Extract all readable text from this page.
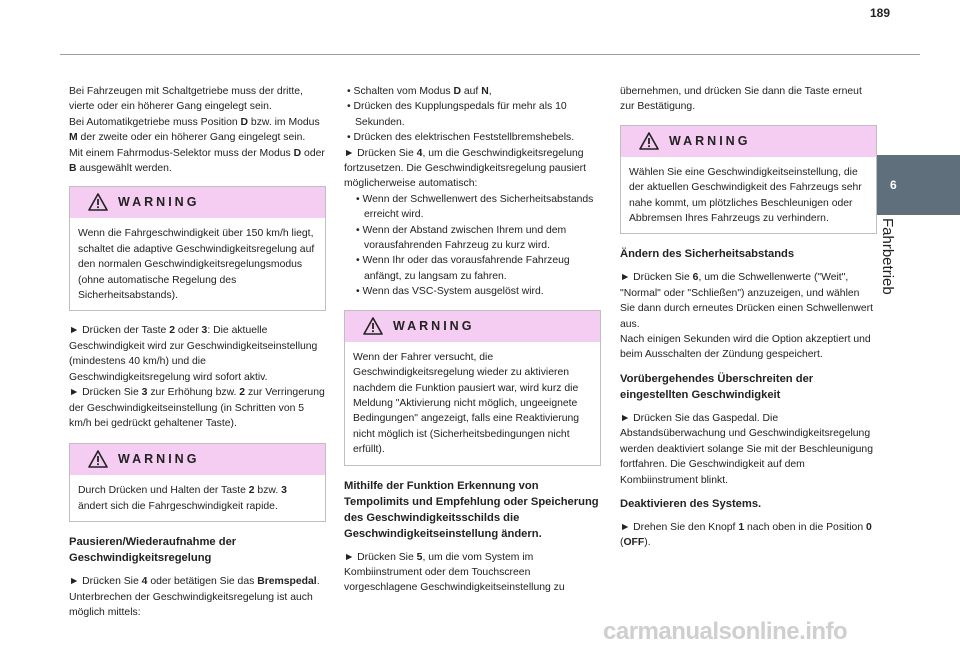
189
6
Fahrbetrieb

Bei Fahrzeugen mit Schaltgetriebe muss der dritte, vierte oder ein höherer Gang eingelegt sein.

Bei Automatikgetriebe muss Position D bzw. im Modus M der zweite oder ein höherer Gang eingelegt sein.

Mit einem Fahrmodus-Selektor muss der Modus D oder B ausgewählt werden.

WARNING
Wenn die Fahrgeschwindigkeit über 150 km/h liegt, schaltet die adaptive Geschwindigkeitsregelung auf den normalen Geschwindigkeitsregelungsmodus (ohne automatische Regelung des Sicherheitsabstands).

► Drücken der Taste 2 oder 3: Die aktuelle Geschwindigkeit wird zur Geschwindigkeitseinstellung (mindestens 40 km/h) und die Geschwindigkeitsregelung wird sofort aktiv.

► Drücken Sie 3 zur Erhöhung bzw. 2 zur Verringerung der Geschwindigkeitseinstellung (in Schritten von 5 km/h bei gedrückt gehaltener Taste).

WARNING
Durch Drücken und Halten der Taste 2 bzw. 3 ändert sich die Fahrgeschwindigkeit rapide.
Pausieren/Wiederaufnahme der Geschwindigkeitsregelung

► Drücken Sie 4 oder betätigen Sie das Bremspedal. Unterbrechen der Geschwindigkeitsregelung ist auch möglich mittels:

• Schalten vom Modus D auf N,

• Drücken des Kupplungspedals für mehr als 10 Sekunden.

• Drücken des elektrischen Feststellbremshebels.

► Drücken Sie 4, um die Geschwindigkeitsregelung fortzusetzen. Die Geschwindigkeitsregelung pausiert möglicherweise automatisch:

• Wenn der Schwellenwert des Sicherheitsabstands erreicht wird.

• Wenn der Abstand zwischen Ihrem und dem vorausfahrenden Fahrzeug zu kurz wird.

• Wenn Ihr oder das vorausfahrende Fahrzeug anfängt, zu langsam zu fahren.

• Wenn das VSC-System ausgelöst wird.

WARNING
Wenn der Fahrer versucht, die Geschwindigkeitsregelung wieder zu aktivieren nachdem die Funktion pausiert war, wird kurz die Meldung "Aktivierung nicht möglich, ungeeignete Bedingungen" angezeigt, falls eine Reaktivierung nicht möglich ist (Sicherheitsbedingungen nicht erfüllt).
Mithilfe der Funktion Erkennung von Tempolimits und Empfehlung oder Speicherung des Geschwindigkeitsschilds die Geschwindigkeitseinstellung ändern.

► Drücken Sie 5, um die vom System im Kombiinstrument oder dem Touchscreen vorgeschlagene Geschwindigkeitseinstellung zu

übernehmen, und drücken Sie dann die Taste erneut zur Bestätigung.

WARNING
Wählen Sie eine Geschwindigkeitseinstellung, die der aktuellen Geschwindigkeit des Fahrzeugs sehr nahe kommt, um plötzliches Beschleunigen oder Abbremsen Ihres Fahrzeugs zu verhindern.
Ändern des Sicherheitsabstands

► Drücken Sie 6, um die Schwellenwerte ("Weit", "Normal" oder "Schließen") anzuzeigen, und wählen Sie dann durch erneutes Drücken einen Schwellenwert aus.

Nach einigen Sekunden wird die Option akzeptiert und beim Ausschalten der Zündung gespeichert.

Vorübergehendes Überschreiten der eingestellten Geschwindigkeit

► Drücken Sie das Gaspedal. Die Abstandsüberwachung und Geschwindigkeitsregelung werden deaktiviert solange Sie mit der Beschleunigung fortfahren. Die Geschwindigkeit auf dem Kombiinstrument blinkt.

Deaktivieren des Systems.

► Drehen Sie den Knopf 1 nach oben in die Position 0 (OFF).

carmanualsonline.info
